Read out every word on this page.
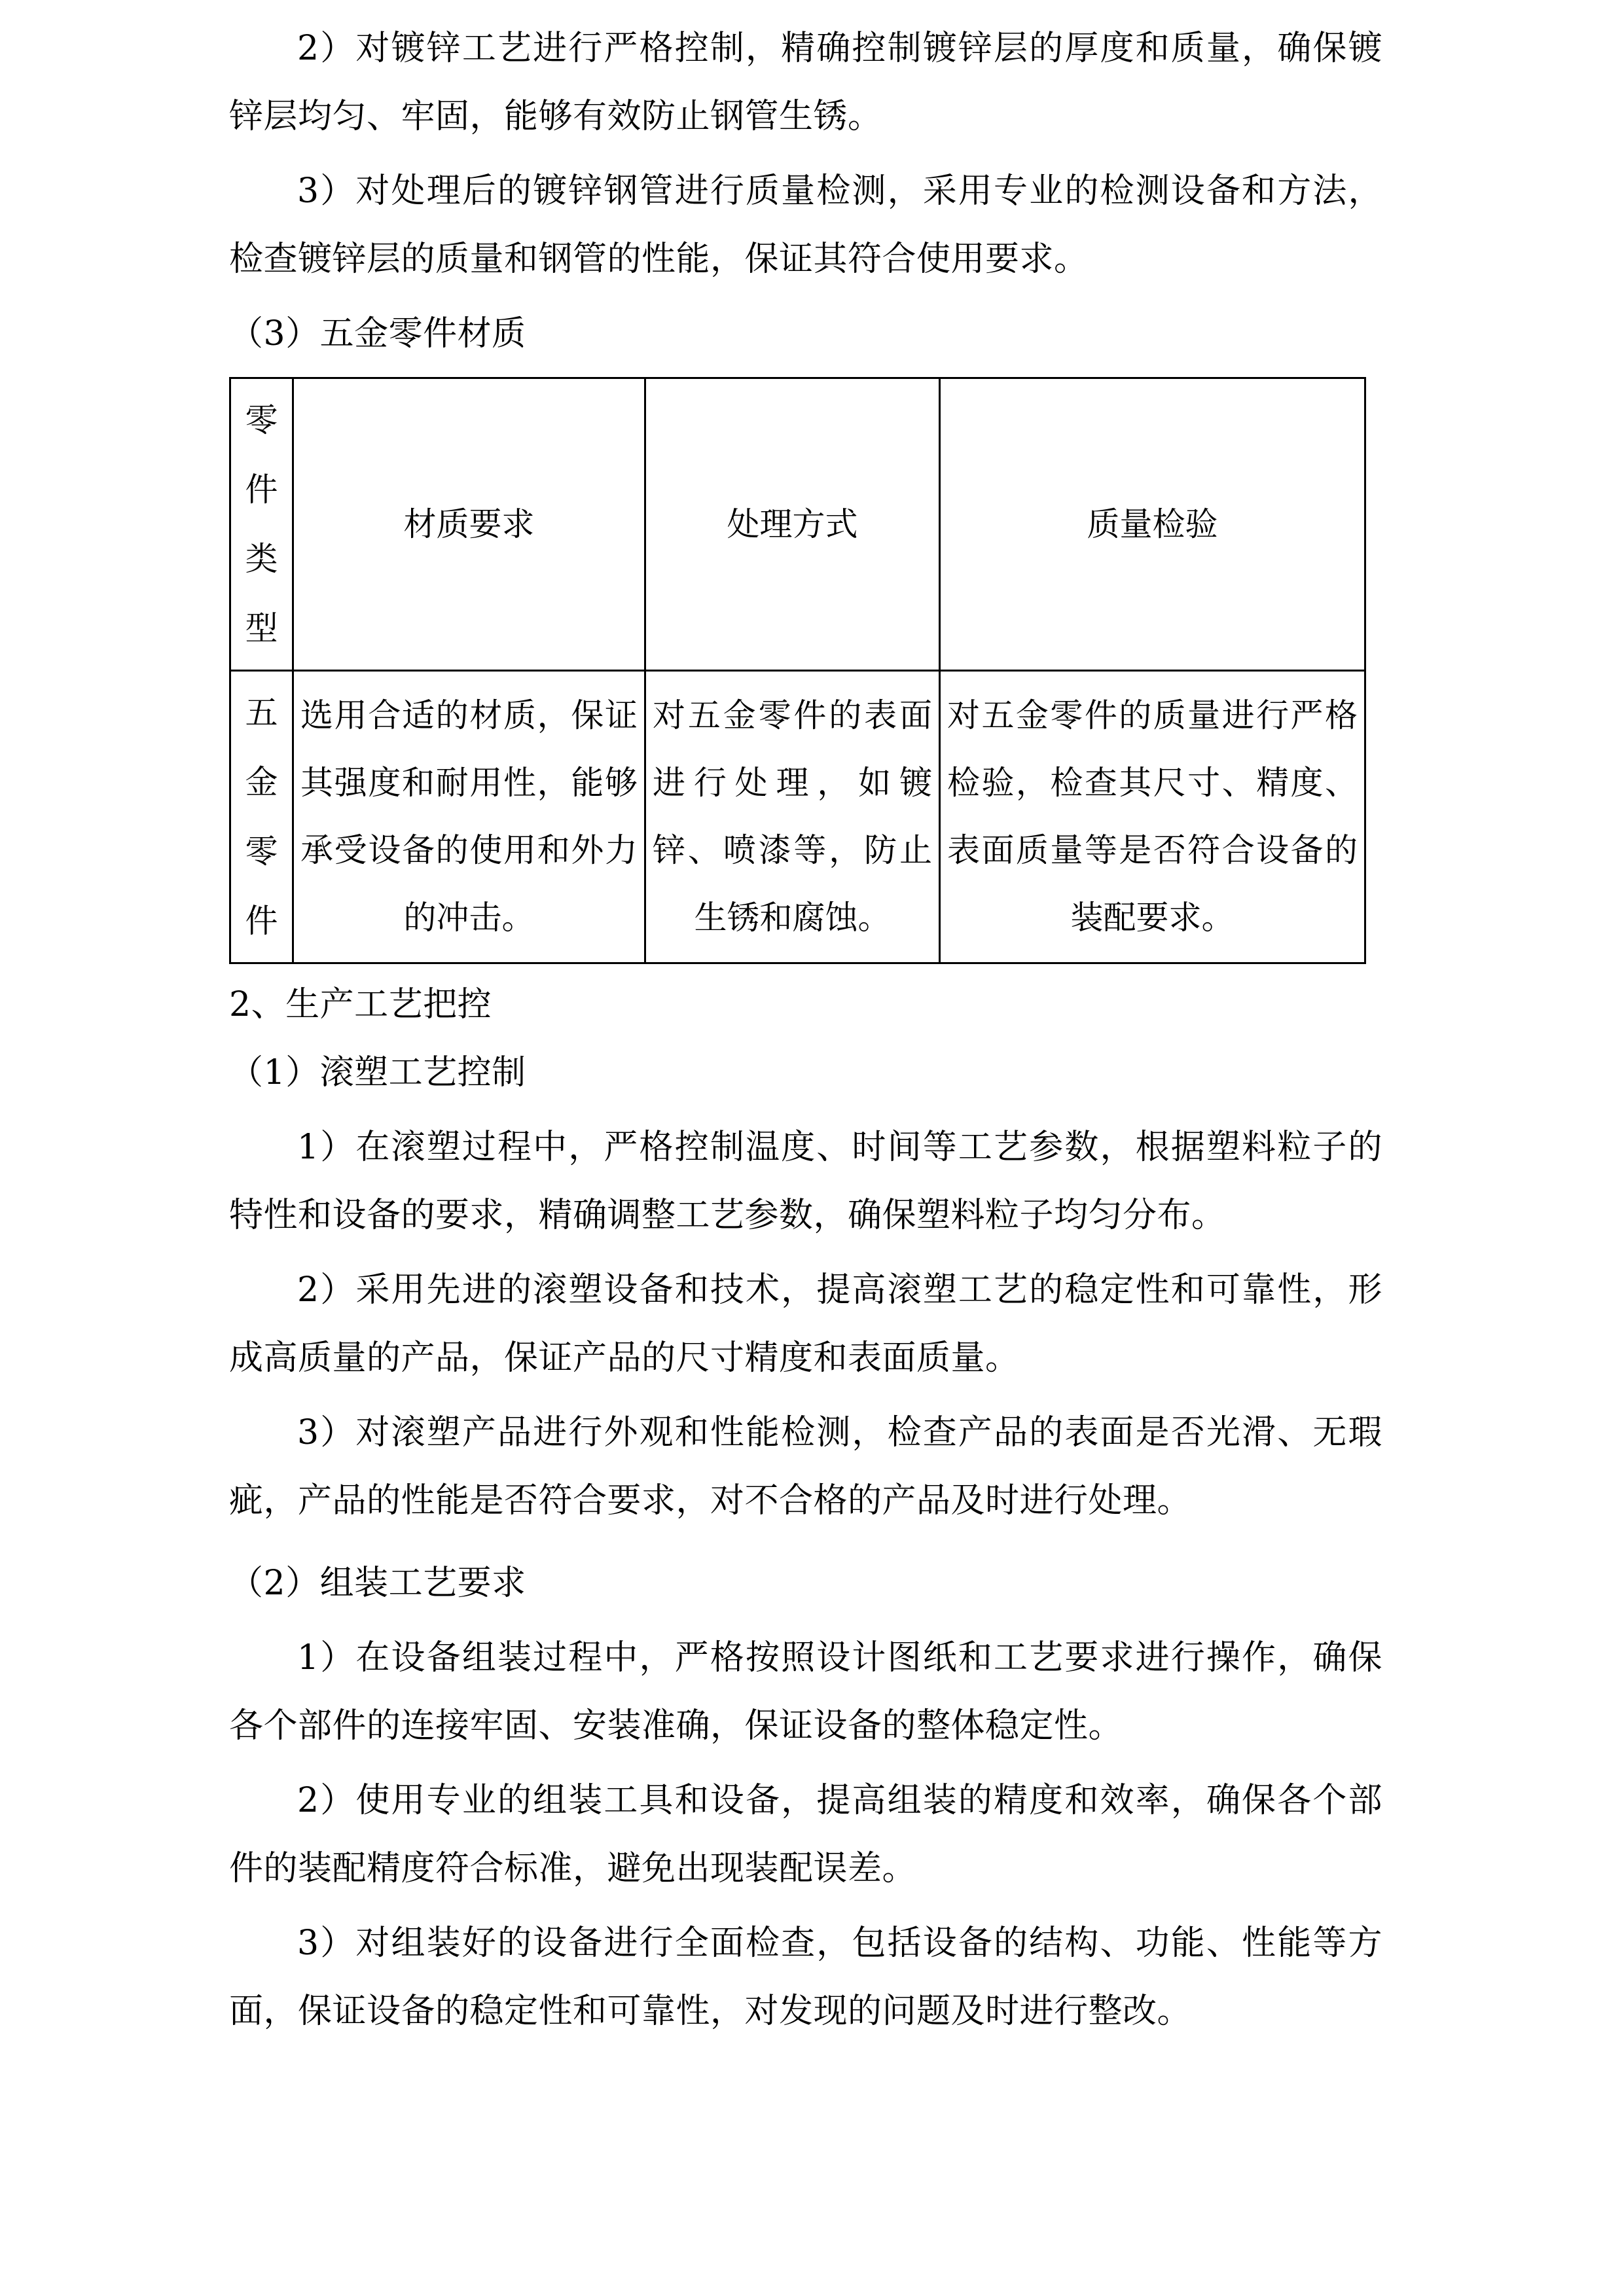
2）对镀锌工艺进行严格控制，精确控制镀锌层的厚度和质量，确保镀锌层均匀、牢固，能够有效防止钢管生锈。

3）对处理后的镀锌钢管进行质量检测，采用专业的检测设备和方法，检查镀锌层的质量和钢管的性能，保证其符合使用要求。

（3）五金零件材质

零
件
类
型	材质要求	处理方式	质量检验

五
金
零
件	选用合适的材质，保证其强度和耐用性，能够承受设备的使用和外力的冲击。	对五金零件的表面进行处理，如镀锌、喷漆等，防止生锈和腐蚀。	对五金零件的质量进行严格检验，检查其尺寸、精度、表面质量等是否符合设备的装配要求。

2、生产工艺把控

（1）滚塑工艺控制

1）在滚塑过程中，严格控制温度、时间等工艺参数，根据塑料粒子的特性和设备的要求，精确调整工艺参数，确保塑料粒子均匀分布。

2）采用先进的滚塑设备和技术，提高滚塑工艺的稳定性和可靠性，形成高质量的产品，保证产品的尺寸精度和表面质量。

3）对滚塑产品进行外观和性能检测，检查产品的表面是否光滑、无瑕疵，产品的性能是否符合要求，对不合格的产品及时进行处理。

（2）组装工艺要求

1）在设备组装过程中，严格按照设计图纸和工艺要求进行操作，确保各个部件的连接牢固、安装准确，保证设备的整体稳定性。

2）使用专业的组装工具和设备，提高组装的精度和效率，确保各个部件的装配精度符合标准，避免出现装配误差。

3）对组装好的设备进行全面检查，包括设备的结构、功能、性能等方面，保证设备的稳定性和可靠性，对发现的问题及时进行整改。
